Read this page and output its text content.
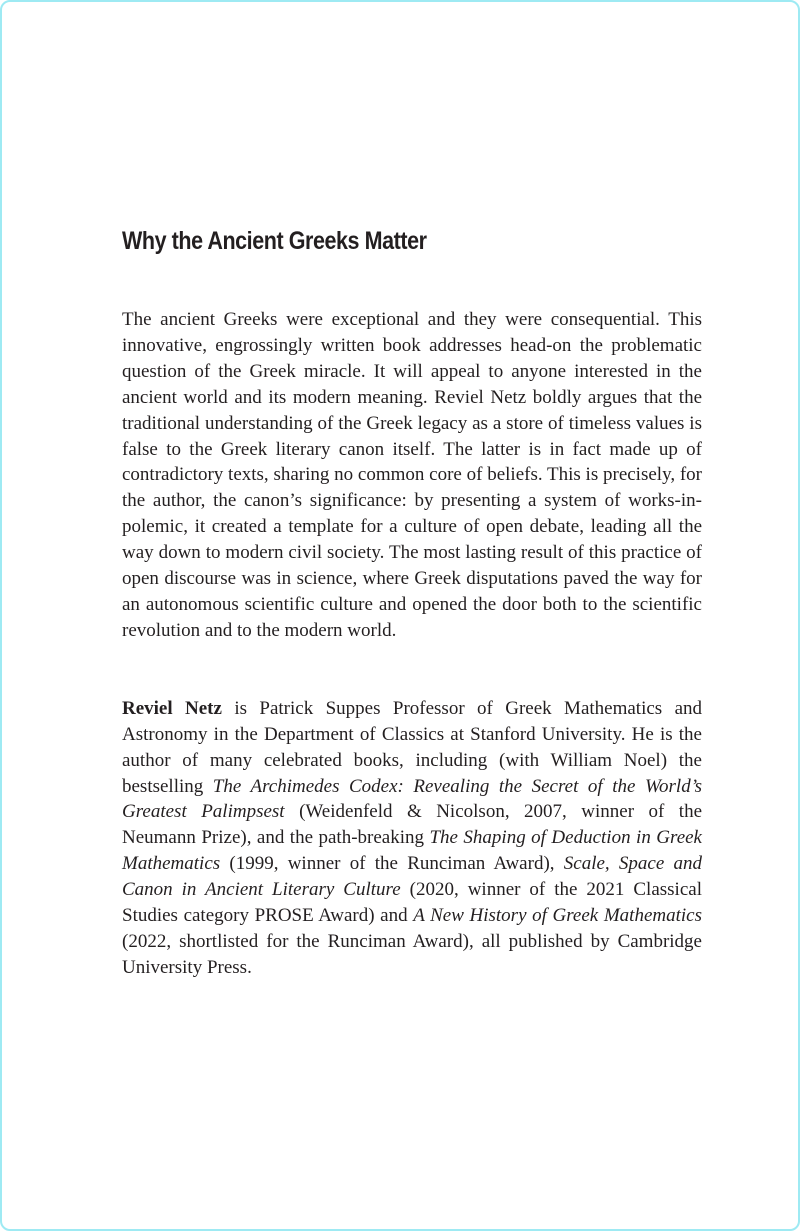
Why the Ancient Greeks Matter

The ancient Greeks were exceptional and they were consequential. This innovative, engrossingly written book addresses head-on the problematic question of the Greek miracle. It will appeal to anyone interested in the ancient world and its modern meaning. Reviel Netz boldly argues that the traditional understanding of the Greek legacy as a store of timeless values is false to the Greek literary canon itself. The latter is in fact made up of contradictory texts, sharing no common core of beliefs. This is precisely, for the author, the canon’s significance: by presenting a system of works-in-polemic, it created a template for a culture of open debate, leading all the way down to modern civil society. The most lasting result of this practice of open discourse was in science, where Greek disputations paved the way for an autonomous scientific culture and opened the door both to the scientific revolution and to the modern world.

Reviel Netz is Patrick Suppes Professor of Greek Mathematics and Astronomy in the Department of Classics at Stanford University. He is the author of many celebrated books, including (with William Noel) the bestselling The Archimedes Codex: Revealing the Secret of the World’s Greatest Palimpsest (Weidenfeld & Nicolson, 2007, winner of the Neumann Prize), and the path-breaking The Shaping of Deduction in Greek Mathematics (1999, winner of the Runciman Award), Scale, Space and Canon in Ancient Literary Culture (2020, winner of the 2021 Classical Studies category PROSE Award) and A New History of Greek Mathematics (2022, shortlisted for the Runciman Award), all published by Cambridge University Press.
